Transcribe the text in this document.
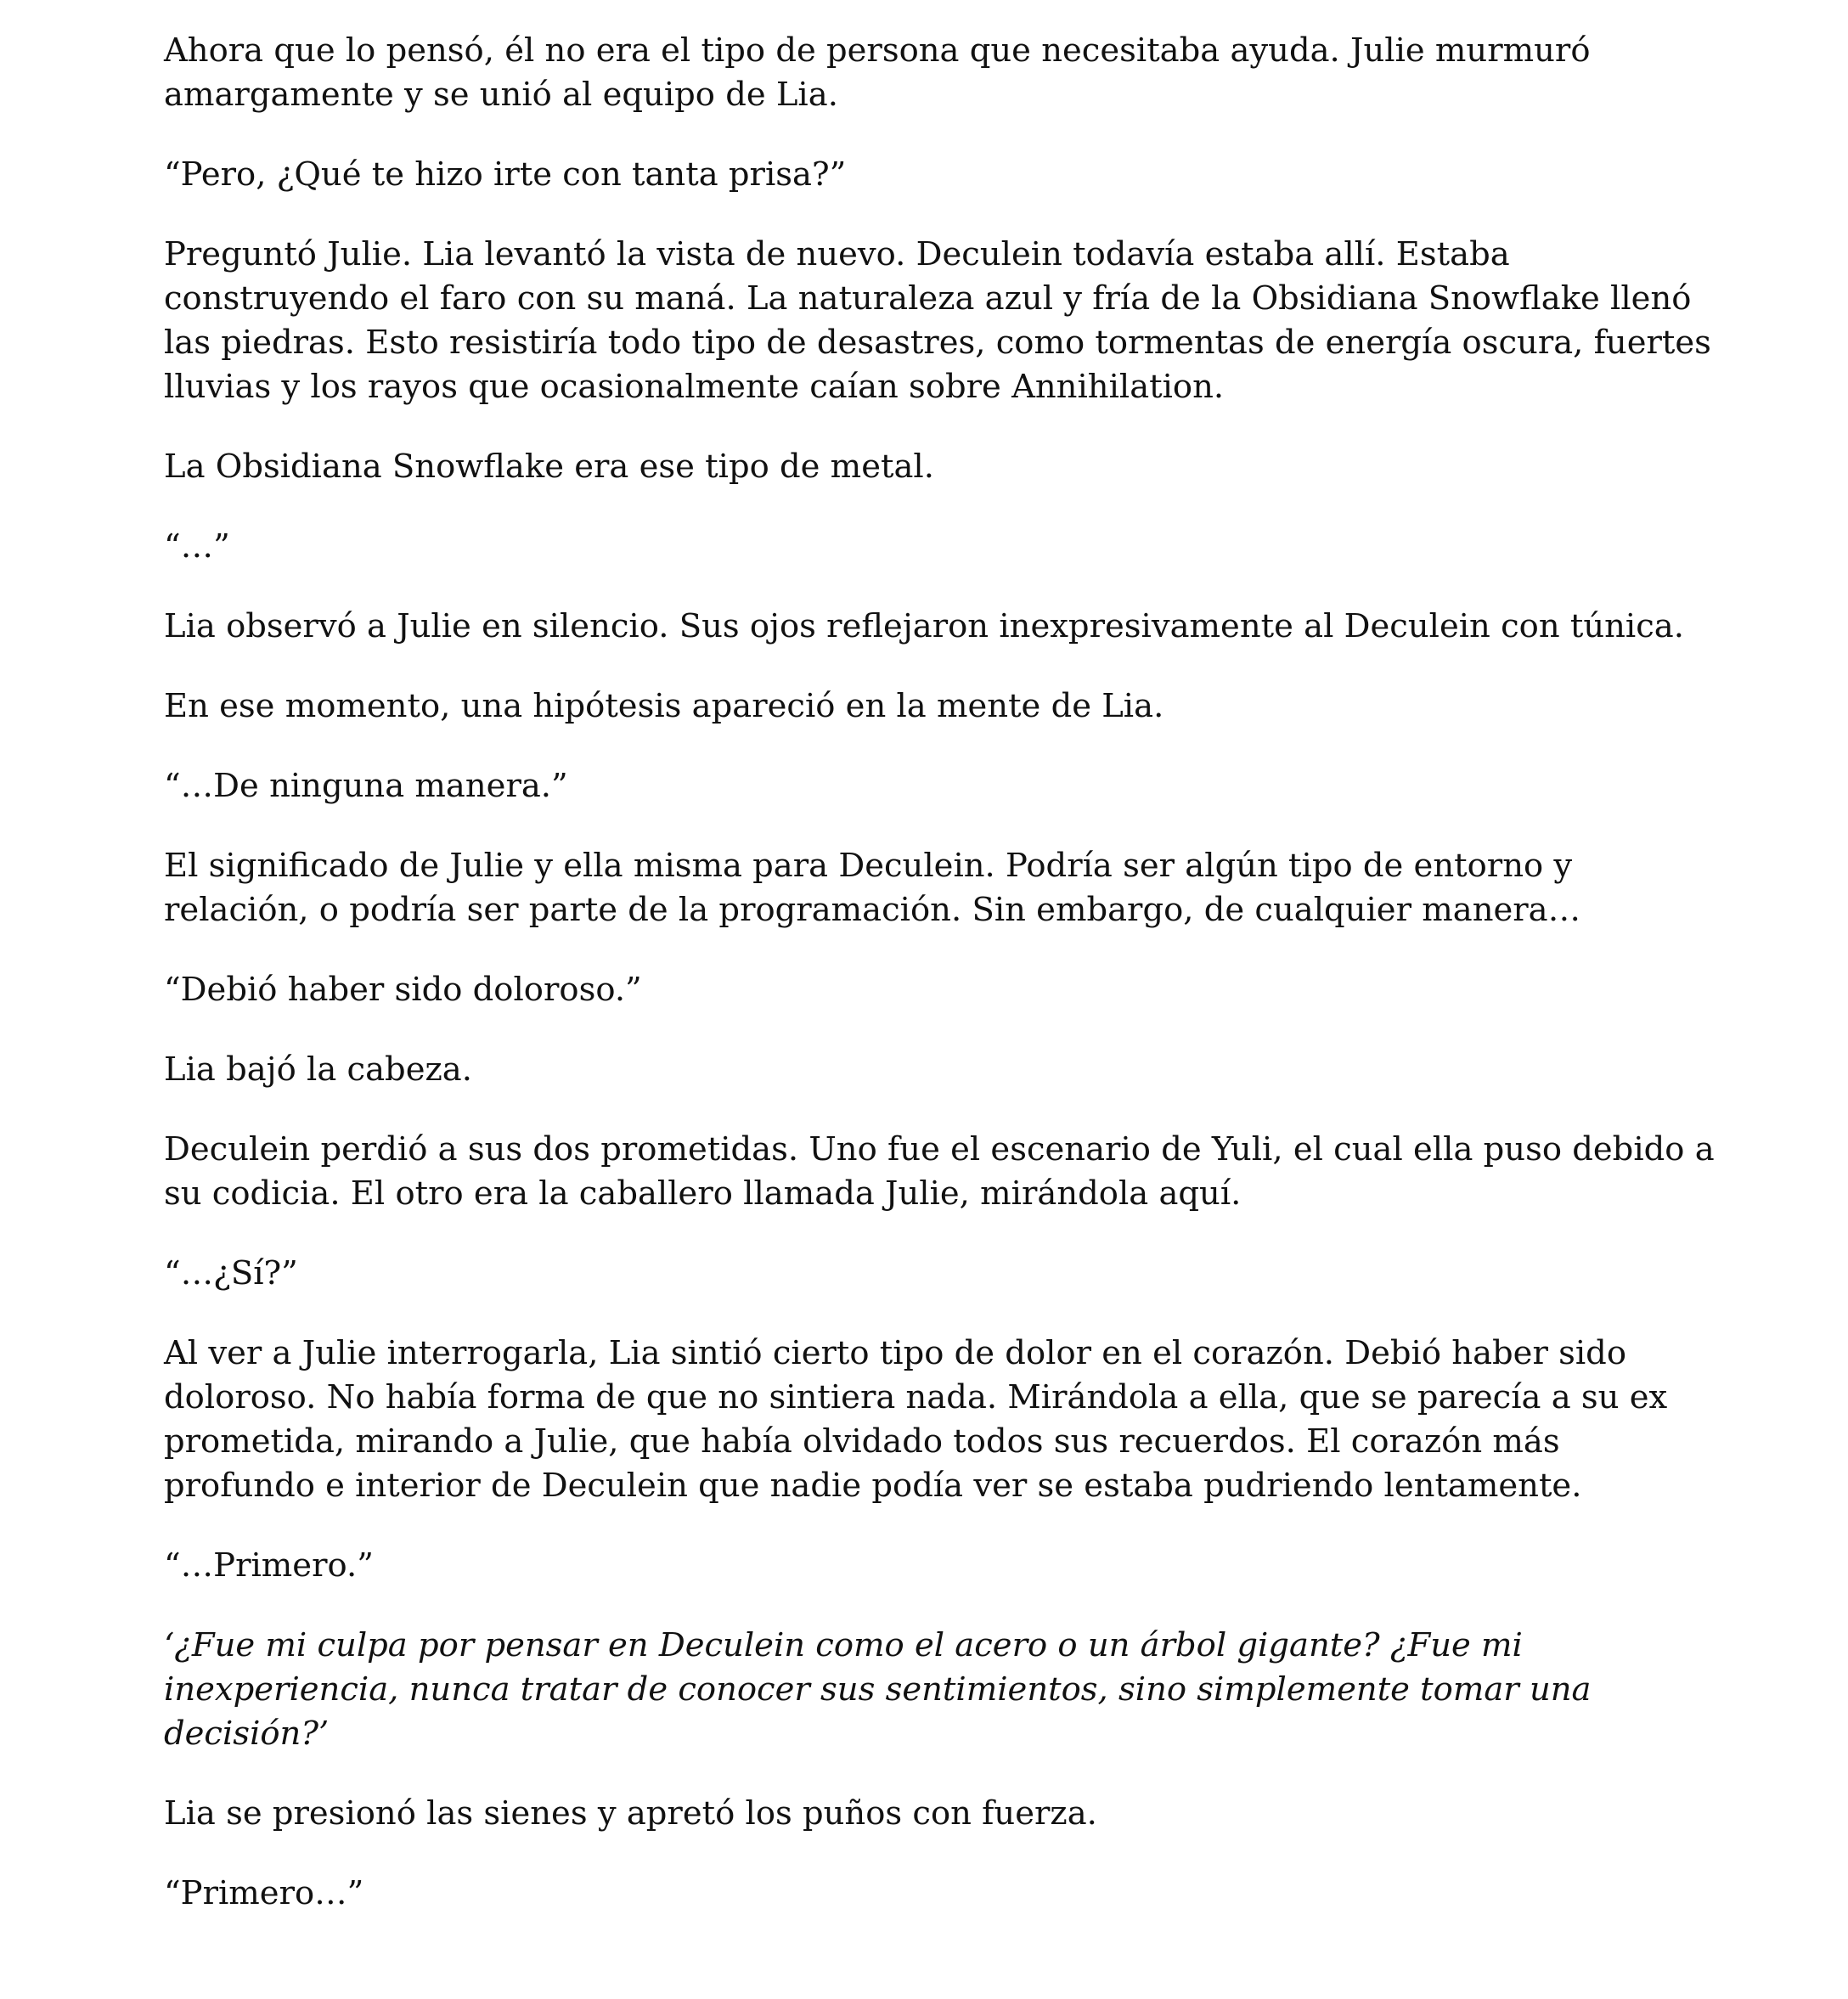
Ahora que lo pensó, él no era el tipo de persona que necesitaba ayuda. Julie murmuró amargamente y se unió al equipo de Lia.

“Pero, ¿Qué te hizo irte con tanta prisa?”

Preguntó Julie. Lia levantó la vista de nuevo. Deculein todavía estaba allí. Estaba construyendo el faro con su maná. La naturaleza azul y fría de la Obsidiana Snowflake llenó las piedras. Esto resistiría todo tipo de desastres, como tormentas de energía oscura, fuertes lluvias y los rayos que ocasionalmente caían sobre Annihilation.

La Obsidiana Snowflake era ese tipo de metal.

“…”

Lia observó a Julie en silencio. Sus ojos reflejaron inexpresivamente al Deculein con túnica.

En ese momento, una hipótesis apareció en la mente de Lia.

“…De ninguna manera.”

El significado de Julie y ella misma para Deculein. Podría ser algún tipo de entorno y relación, o podría ser parte de la programación. Sin embargo, de cualquier manera…

“Debió haber sido doloroso.”

Lia bajó la cabeza.

Deculein perdió a sus dos prometidas. Uno fue el escenario de Yuli, el cual ella puso debido a su codicia. El otro era la caballero llamada Julie, mirándola aquí.

“…¿Sí?”

Al ver a Julie interrogarla, Lia sintió cierto tipo de dolor en el corazón. Debió haber sido doloroso. No había forma de que no sintiera nada. Mirándola a ella, que se parecía a su ex prometida, mirando a Julie, que había olvidado todos sus recuerdos. El corazón más profundo e interior de Deculein que nadie podía ver se estaba pudriendo lentamente.

“…Primero.”

‘¿Fue mi culpa por pensar en Deculein como el acero o un árbol gigante? ¿Fue mi inexperiencia, nunca tratar de conocer sus sentimientos, sino simplemente tomar una decisión?’

Lia se presionó las sienes y apretó los puños con fuerza.

“Primero…”
